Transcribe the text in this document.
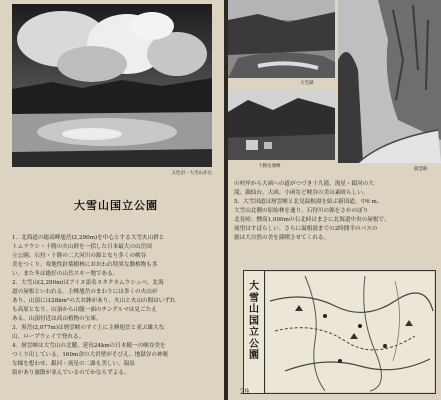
五色沼・大雪山赤岳
大雪山国立公園

1．北海道の総高峰旭岳(2,290m)を中心とする大雪火山群と

トムラウシ・十勝の火山群を一括した日本最大の山岳国

立公園。石狩・十勝の二大河川の源となり多くの峡谷

美をつくり、寒地性針葉樹林におおわれ特異な動植物も多

い。また冬は絶好の山岳スキー地である。

2．大雪山(2,290m)はアイヌ語名ヌタクカムウシュベ。北海

道の屋根といわれる。主峰旭岳のまわりには多くの火山が

あり、山頂には28km²の大お鉢があり、火山と火山の間はいずれ

も高原となり、山頂から山腹一面のチングルマは見ごたえ

ある。山頂付近は高山植物の宝庫。

3．黒岳(2,077m)は層雲峡のすぐ上に主峰旭岳と並ぶ雄大な

山、ロープウェイで登れる。

4．層雲峡は大雪山の北麓、延長24kmの日本随一の峡谷美を

つくり出している。160m余の大岩壁がそびえ、地獄谷の神秘

な様を想わせ、銀河・流星の二瀑も美しい。温泉

街があり旅館が並んでいるのでかならずよる。

大雪湖
十勝岳連峰
層雲峡

の村岸から大函への道がつづき十九滝、流星・銀河の大

滝、銀仙台、大函、小函など峡谷の美は素晴らしい。

5．大雪国道は層雲峡と北見温根湯を結ぶ新国道。中6 m、

大雪山北側の原始林を通り、石狩川の源をさかのぼり

北見峠、標高1,000mの石北峠はまさに北海道中央の屋根で、

展望はすばらしい。さらに温根湯までの2時間半のバスの

旅は大自然の美を満喫させてくれる。

大雪山国立公園
29
